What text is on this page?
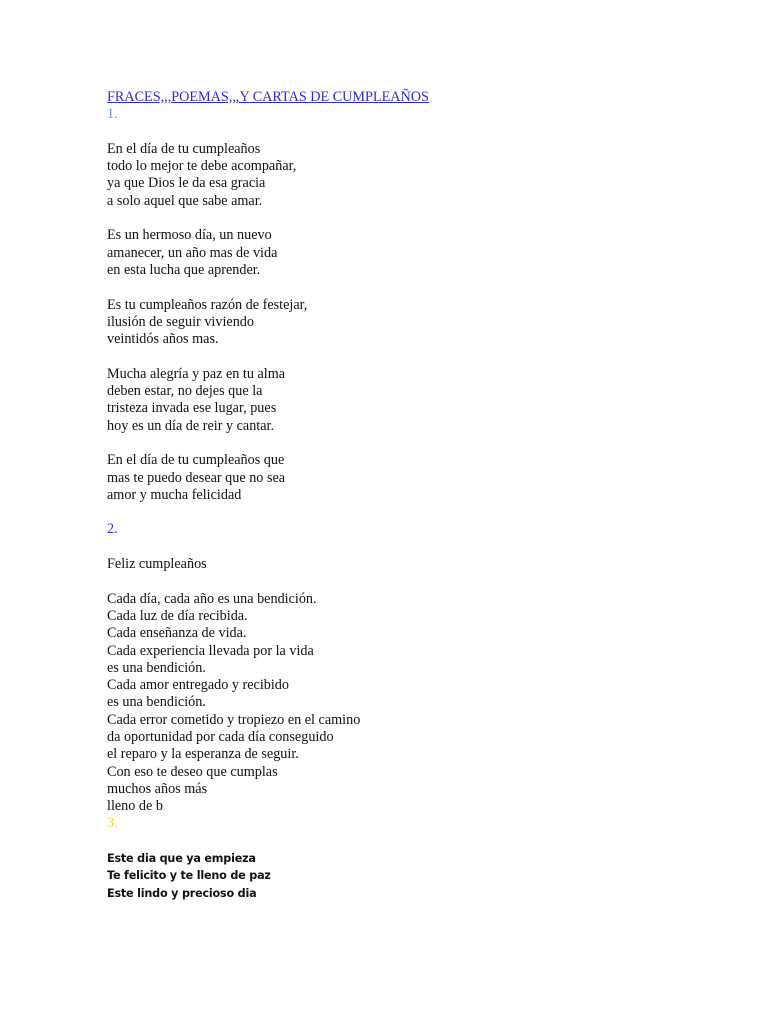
FRACES,,,POEMAS,,,Y CARTAS DE CUMPLEAÑOS
1.
En el día de tu cumpleaños
todo lo mejor te debe acompañar,
ya que Dios le da esa gracia
a solo aquel que sabe amar.
Es un hermoso día, un nuevo
amanecer, un año mas de vida
en esta lucha que aprender.
Es tu cumpleaños razón de festejar,
ilusión de seguir viviendo
veintidós años mas.
Mucha alegría y paz en tu alma
deben estar, no dejes que la
tristeza invada ese lugar, pues
hoy es un día de reir y cantar.
En el día de tu cumpleaños que
mas te puedo desear que no sea
amor y mucha felicidad
2.
Feliz cumpleaños
Cada día, cada año es una bendición.
Cada luz de día recibida.
Cada enseñanza de vida.
Cada experiencia llevada por la vida
es una bendición.
Cada amor entregado y recibido
es una bendición.
Cada error cometido y tropiezo en el camino
da oportunidad por cada día conseguido
el reparo y la esperanza de seguir.
Con eso te deseo que cumplas
muchos años más
lleno de b
3.
Este dia que ya empieza
Te felicito y te lleno de paz
Este lindo y precioso dia
